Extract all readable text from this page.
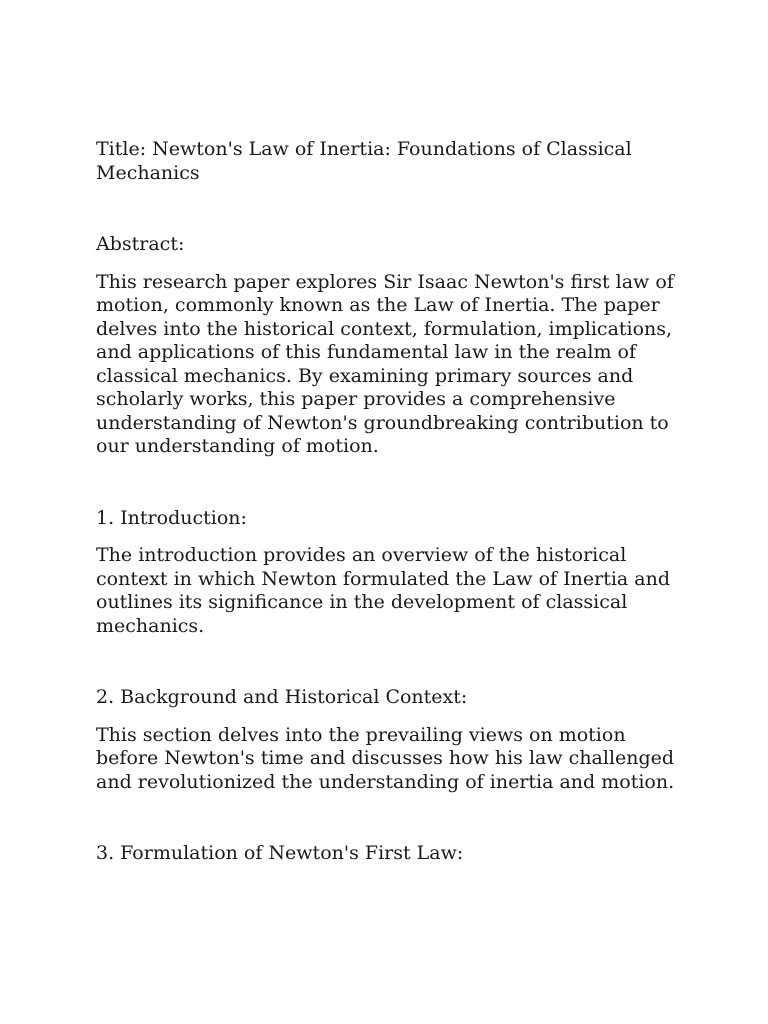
Title: Newton's Law of Inertia: Foundations of Classical Mechanics

Abstract:

This research paper explores Sir Isaac Newton's first law of motion, commonly known as the Law of Inertia. The paper delves into the historical context, formulation, implications, and applications of this fundamental law in the realm of classical mechanics. By examining primary sources and scholarly works, this paper provides a comprehensive understanding of Newton's groundbreaking contribution to our understanding of motion.

1. Introduction:

The introduction provides an overview of the historical context in which Newton formulated the Law of Inertia and outlines its significance in the development of classical mechanics.

2. Background and Historical Context:

This section delves into the prevailing views on motion before Newton's time and discusses how his law challenged and revolutionized the understanding of inertia and motion.

3. Formulation of Newton's First Law:
